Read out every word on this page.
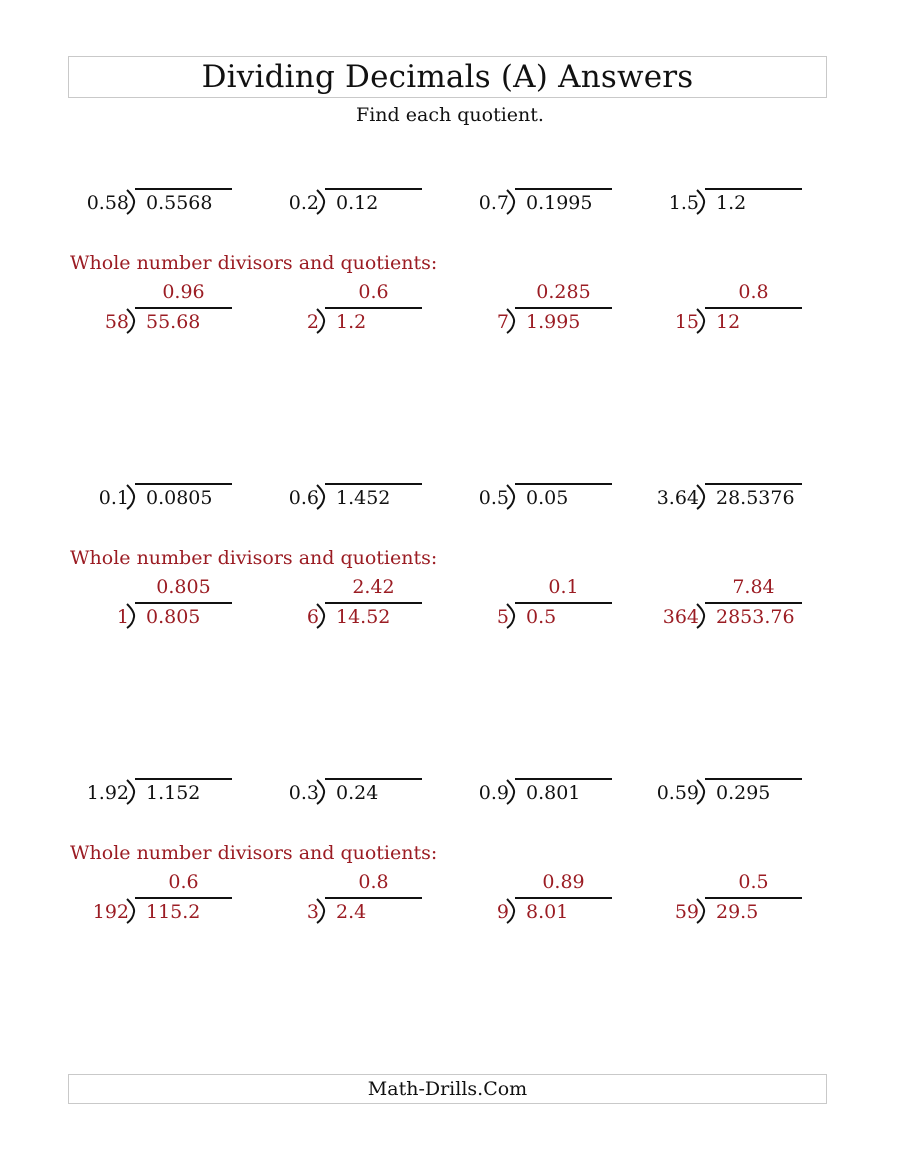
Dividing Decimals (A) Answers
Find each quotient.
0.58 0.5568	0.2 0.12	0.7 0.1995	1.5 1.2
Whole number divisors and quotients:
0.96
58 55.68
0.6
2 1.2
0.285
7 1.995
0.8
15 12
0.1 0.0805	0.6 1.452	0.5 0.05	3.64 28.5376
Whole number divisors and quotients:
0.805
1 0.805
2.42
6 14.52
0.1
5 0.5
7.84
364 2853.76
1.92 1.152	0.3 0.24	0.9 0.801	0.59 0.295
Whole number divisors and quotients:
0.6
192 115.2
0.8
3 2.4
0.89
9 8.01
0.5
59 29.5
Math-Drills.Com
